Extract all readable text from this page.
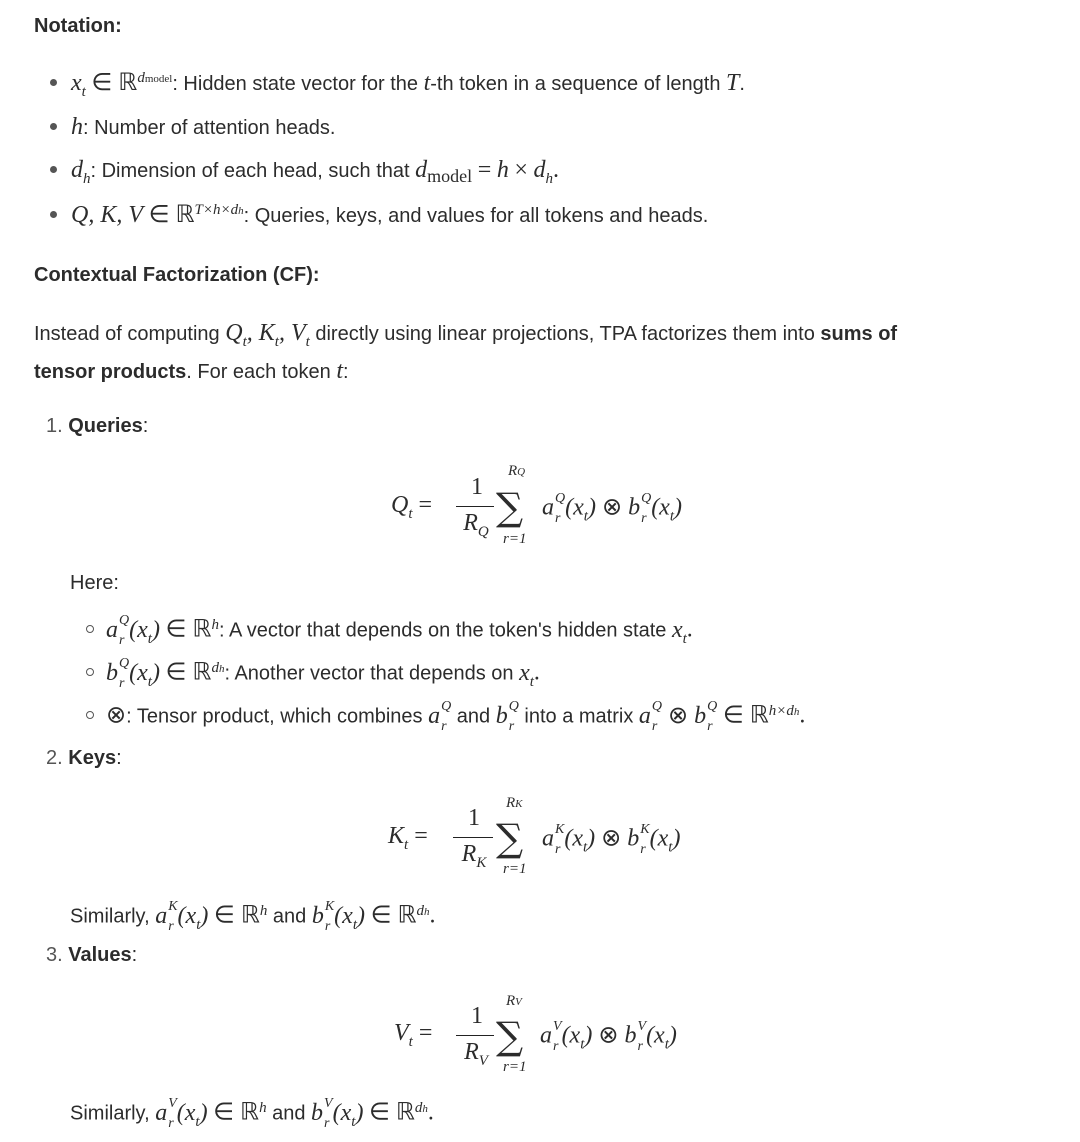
Notation:
$x_t$ ∈ ℝ$^{dmodel}$: Hidden state vector for the t-th token in a sequence of length T.
h: Number of attention heads.
$d_h$: Dimension of each head, such that dmodel = $h \times d_h$.
Q, K, V ∈ ℝ$^{T\times h\times dh}$: Queries, keys, and values for all tokens and heads.
Contextual Factorization (CF):
Instead of computing $Q_t$, $K_t$, $V_t$ directly using linear projections, TPA factorizes them into sums of
tensor products. For each token t:
1. Queries:
$Q_t$ =
1
$R_Q$
RQ
∑
r=1
a Q
r $(x_t)$ ⊗ b Q
r $(x_t)$
Here:
a Q
r $(x_t)$ ∈ ℝ$^h$: A vector that depends on the token's hidden state $x_t$.
b Q
r $(x_t)$ ∈ ℝ$^{dh}$: Another vector that depends on $x_t$.
⊗: Tensor product, which combines a Q
r and b Q
r into a matrix a Q
r ⊗ b Q
r ∈ ℝ$^{h\times dh}$.
2. Keys:
$K_t$ =
1
$R_K$
RK
∑
r=1
a K
r $(x_t)$ ⊗ b K
r $(x_t)$
Similarly, a K
r $(x_t)$ ∈ ℝ$^h$ and b K
r $(x_t)$ ∈ ℝ$^{dh}$.
3. Values:
$V_t$ =
1
$R_V$
RV
∑
r=1
a V
r $(x_t)$ ⊗ b V
r $(x_t)$
Similarly, a V
r $(x_t)$ ∈ ℝ$^h$ and b V
r $(x_t)$ ∈ ℝ$^{dh}$.
